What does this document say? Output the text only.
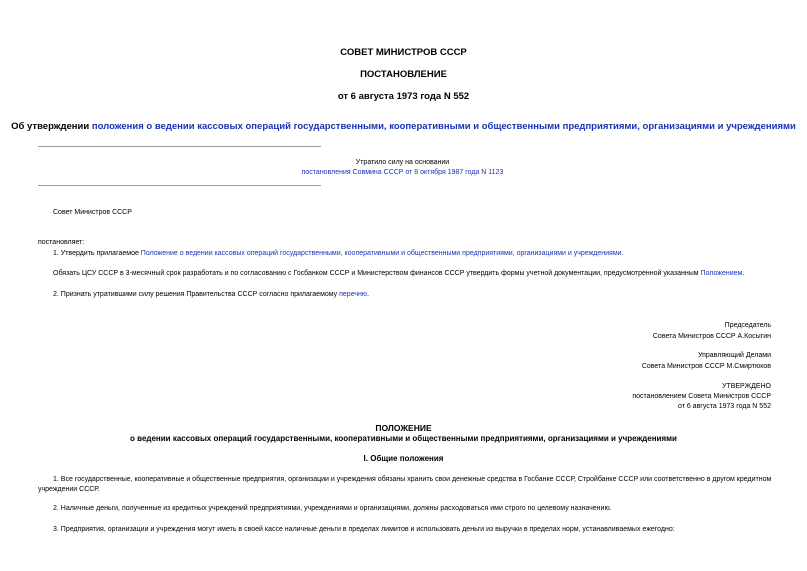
СОВЕТ МИНИСТРОВ СССР
ПОСТАНОВЛЕНИЕ
от 6 августа 1973 года N 552
Об утверждении положения о ведении кассовых операций государственными, кооперативными и общественными предприятиями, организациями и учреждениями
Утратило силу на основании
постановления Совмина СССР от 8 октября 1987 года N 1123
Совет Министров СССР
постановляет:
1. Утвердить прилагаемое Положение о ведении кассовых операций государственными, кооперативными и общественными предприятиями, организациями и учреждениями.
Обязать ЦСУ СССР в 3-месячный срок разработать и по согласованию с Госбанком СССР и Министерством финансов СССР утвердить формы учетной документации, предусмотренной указанным Положением.
2. Признать утратившими силу решения Правительства СССР согласно прилагаемому перечню.
Председатель
Совета Министров СССР А.Косыгин
Управляющий Делами
Совета Министров СССР М.Смиртюков
УТВЕРЖДЕНО
постановлением Совета Министров СССР
от 6 августа 1973 года N 552
ПОЛОЖЕНИЕ
о ведении кассовых операций государственными, кооперативными и общественными предприятиями, организациями и учреждениями
I. Общие положения

1. Все государственные, кооперативные и общественные предприятия, организации и учреждения обязаны хранить свои денежные средства в Госбанке СССР, Стройбанке СССР или соответственно в другом кредитном учреждении СССР.

2. Наличные деньги, полученные из кредитных учреждений предприятиями, учреждениями и организациями, должны расходоваться ими строго по целевому назначению.
3. Предприятия, организации и учреждения могут иметь в своей кассе наличные деньги в пределах лимитов и использовать деньги из выручки в пределах норм, устанавливаемых ежегодно:
